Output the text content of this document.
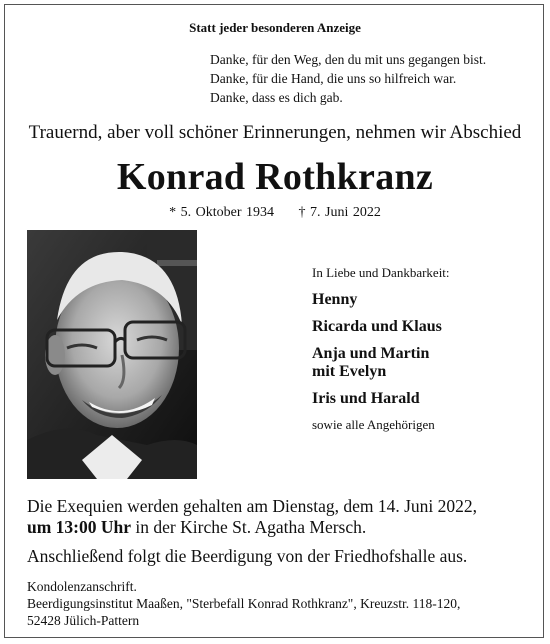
Statt jeder besonderen Anzeige
Danke, für den Weg, den du mit uns gegangen bist.
Danke, für die Hand, die uns so hilfreich war.
Danke, dass es dich gab.
Trauernd, aber voll schöner Erinnerungen, nehmen wir Abschied
Konrad Rothkranz
* 5. Oktober 1934 † 7. Juni 2022
In Liebe und Dankbarkeit:
Henny
Ricarda und Klaus
Anja und Martin
mit Evelyn
Iris und Harald
sowie alle Angehörigen
Die Exequien werden gehalten am Dienstag, dem 14. Juni 2022,
um 13:00 Uhr in der Kirche St. Agatha Mersch.
Anschließend folgt die Beerdigung von der Friedhofshalle aus.
Kondolenzanschrift.
Beerdigungsinstitut Maaßen, "Sterbefall Konrad Rothkranz", Kreuzstr. 118-120,
52428 Jülich-Pattern
